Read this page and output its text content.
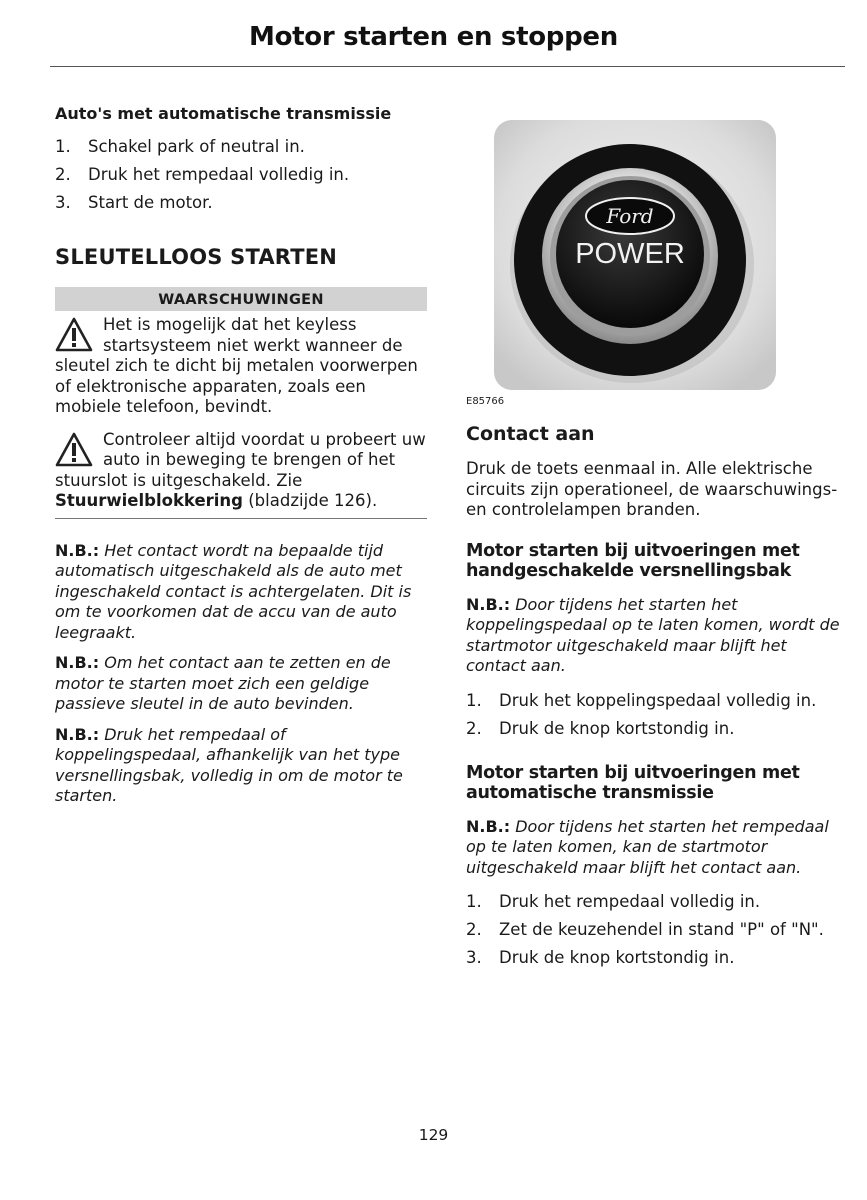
Motor starten en stoppen
Auto's met automatische transmissie
1.	Schakel park of neutral in.
2.	Druk het rempedaal volledig in.
3.	Start de motor.
SLEUTELLOOS STARTEN
WAARSCHUWINGEN
Het is mogelijk dat het keyless startsysteem niet werkt wanneer de sleutel zich te dicht bij metalen voorwerpen of elektronische apparaten, zoals een mobiele telefoon, bevindt.
Controleer altijd voordat u probeert uw auto in beweging te brengen of het stuurslot is uitgeschakeld. Zie Stuurwielblokkering (bladzijde 126).

N.B.: Het contact wordt na bepaalde tijd automatisch uitgeschakeld als de auto met ingeschakeld contact is achtergelaten. Dit is om te voorkomen dat de accu van de auto leegraakt.

N.B.: Om het contact aan te zetten en de motor te starten moet zich een geldige passieve sleutel in de auto bevinden.

N.B.: Druk het rempedaal of koppelingspedaal, afhankelijk van het type versnellingsbak, volledig in om de motor te starten.

Ford
POWER
E85766
Contact aan

Druk de toets eenmaal in. Alle elektrische circuits zijn operationeel, de waarschuwings- en controlelampen branden.

Motor starten bij uitvoeringen met handgeschakelde versnellingsbak

N.B.: Door tijdens het starten het koppelingspedaal op te laten komen, wordt de startmotor uitgeschakeld maar blijft het contact aan.

1.	Druk het koppelingspedaal volledig in.
2.	Druk de knop kortstondig in.
Motor starten bij uitvoeringen met automatische transmissie

N.B.: Door tijdens het starten het rempedaal op te laten komen, kan de startmotor uitgeschakeld maar blijft het contact aan.

1.	Druk het rempedaal volledig in.
2.	Zet de keuzehendel in stand "P" of "N".
3.	Druk de knop kortstondig in.
129
